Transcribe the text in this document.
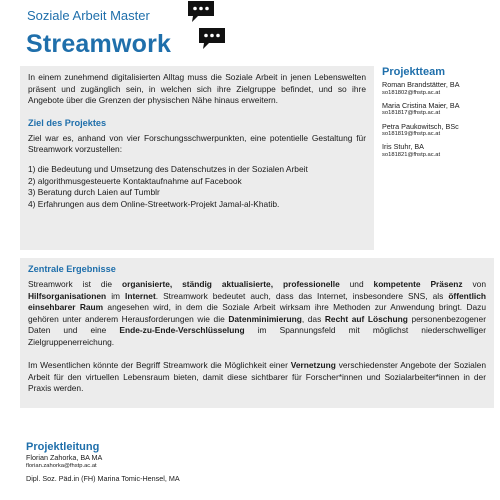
Soziale Arbeit Master
Streamwork

In einem zunehmend digitalisierten Alltag muss die Soziale Arbeit in jenen Lebenswelten präsent und zugänglich sein, in welchen sich ihre Zielgruppe befindet, und so ihre Angebote über die Grenzen der physischen Nähe hinaus erweitern.

Ziel des Projektes

Ziel war es, anhand von vier Forschungsschwerpunkten, eine potentielle Gestaltung für Streamwork vorzustellen:

1) die Bedeutung und Umsetzung des Datenschutzes in der Sozialen Arbeit
2) algorithmusgesteuerte Kontaktaufnahme auf Facebook
3) Beratung durch Laien auf Tumblr
4) Erfahrungen aus dem Online-Streetwork-Projekt Jamal-al-Khatib.
Projektteam
Roman Brandstätter, BA
so181802@fhstp.ac.at
Maria Cristina Maier, BA
so181817@fhstp.ac.at
Petra Paukowitsch, BSc
so181819@fhstp.ac.at
Iris Stuhr, BA
so181821@fhstp.ac.at
Zentrale Ergebnisse

Streamwork ist die organisierte, ständig aktualisierte, professionelle und kompetente Präsenz von Hilfsorganisationen im Internet. Streamwork bedeutet auch, dass das Internet, insbesondere SNS, als öffentlich einsehbarer Raum angesehen wird, in dem die Soziale Arbeit wirksam ihre Methoden zur Anwendung bringt. Dazu gehören unter anderem Herausforderungen wie die Datenminimierung, das Recht auf Löschung personenbezogener Daten und eine Ende-zu-Ende-Verschlüsselung im Spannungsfeld mit möglichst niederschwelliger Zielgruppenerreichung.

Im Wesentlichen könnte der Begriff Streamwork die Möglichkeit einer Vernetzung verschiedenster Angebote der Sozialen Arbeit für den virtuellen Lebensraum bieten, damit diese sichtbarer für Forscher*innen und Sozialarbeiter*innen in der Praxis werden.

Projektleitung
Florian Zahorka, BA MA
florian.zahorka@fhstp.ac.at
Dipl. Soz. Päd.in (FH) Marina Tomic-Hensel, MA
